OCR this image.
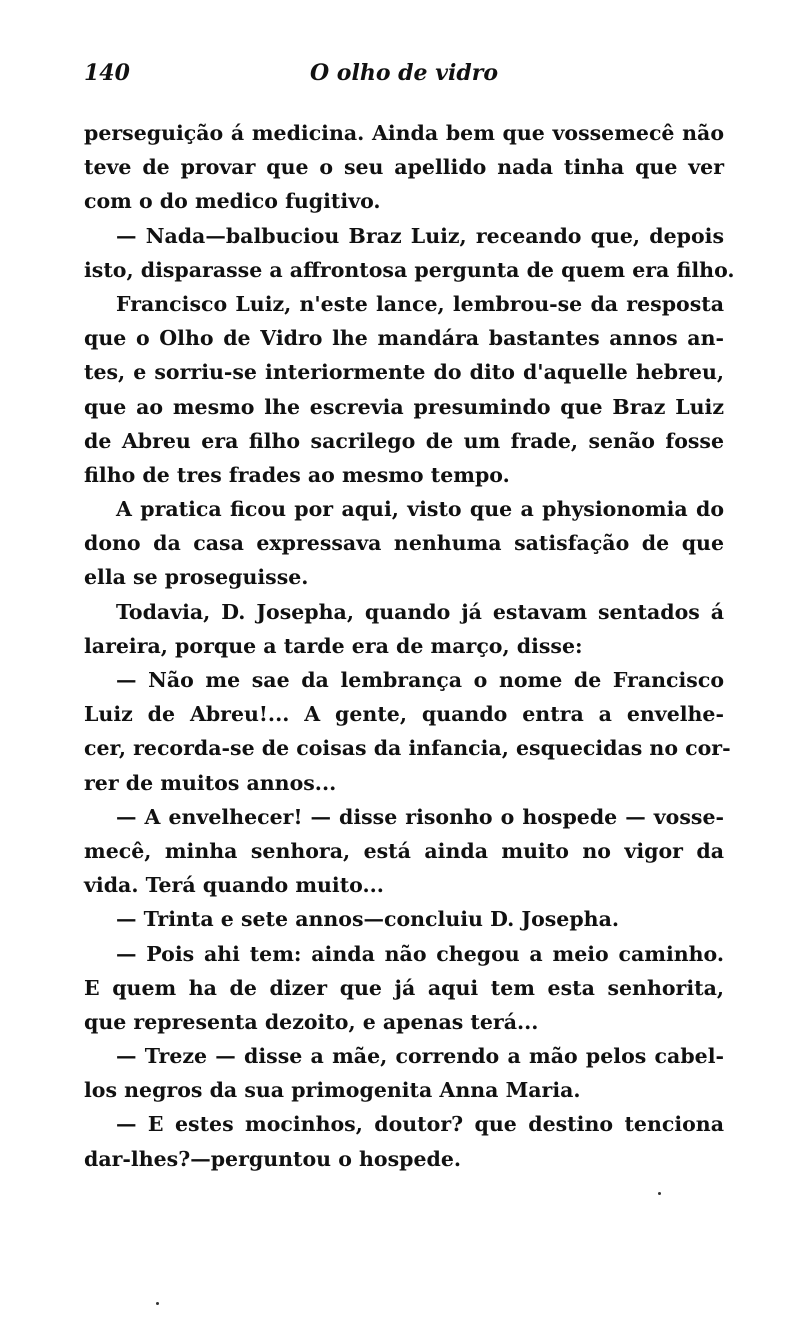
140	O olho de vidro
perseguição á medicina. Ainda bem que vossemecê não
teve de provar que o seu apellido nada tinha que ver
com o do medico fugitivo.
— Nada—balbuciou Braz Luiz, receando que, depois
isto, disparasse a affrontosa pergunta de quem era filho.
Francisco Luiz, n'este lance, lembrou-se da resposta
que o Olho de Vidro lhe mandára bastantes annos an-
tes, e sorriu-se interiormente do dito d'aquelle hebreu,
que ao mesmo lhe escrevia presumindo que Braz Luiz
de Abreu era filho sacrilego de um frade, senão fosse
filho de tres frades ao mesmo tempo.
A pratica ficou por aqui, visto que a physionomia do
dono da casa expressava nenhuma satisfação de que
ella se proseguisse.
Todavia, D. Josepha, quando já estavam sentados á
lareira, porque a tarde era de março, disse:
— Não me sae da lembrança o nome de Francisco
Luiz de Abreu!... A gente, quando entra a envelhe-
cer, recorda-se de coisas da infancia, esquecidas no cor-
rer de muitos annos...
— A envelhecer! — disse risonho o hospede — vosse-
mecê, minha senhora, está ainda muito no vigor da
vida. Terá quando muito...
— Trinta e sete annos—concluiu D. Josepha.
— Pois ahi tem: ainda não chegou a meio caminho.
E quem ha de dizer que já aqui tem esta senhorita,
que representa dezoito, e apenas terá...
— Treze — disse a mãe, correndo a mão pelos cabel-
los negros da sua primogenita Anna Maria.
— E estes mocinhos, doutor? que destino tenciona
dar-lhes?—perguntou o hospede.
